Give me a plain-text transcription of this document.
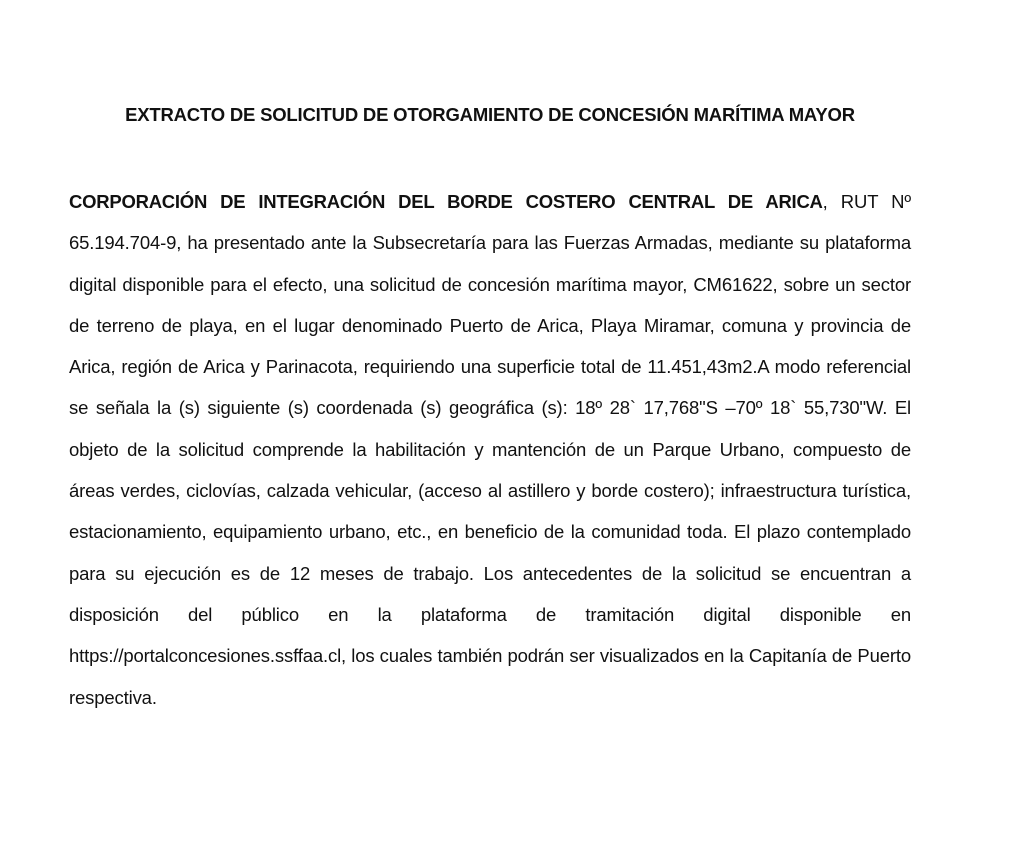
EXTRACTO DE SOLICITUD DE OTORGAMIENTO DE CONCESIÓN MARÍTIMA MAYOR

CORPORACIÓN DE INTEGRACIÓN DEL BORDE COSTERO CENTRAL DE ARICA, RUT Nº 65.194.704-9, ha presentado ante la Subsecretaría para las Fuerzas Armadas, mediante su plataforma digital disponible para el efecto, una solicitud de concesión marítima mayor, CM61622, sobre un sector de terreno de playa, en el lugar denominado Puerto de Arica, Playa Miramar, comuna y provincia de Arica, región de Arica y Parinacota, requiriendo una superficie total de 11.451,43m2.A modo referencial se señala la (s) siguiente (s) coordenada (s) geográfica (s): 18º 28` 17,768"S –70º 18` 55,730"W. El objeto de la solicitud comprende la habilitación y mantención de un Parque Urbano, compuesto de áreas verdes, ciclovías, calzada vehicular, (acceso al astillero y borde costero); infraestructura turística, estacionamiento, equipamiento urbano, etc., en beneficio de la comunidad toda. El plazo contemplado para su ejecución es de 12 meses de trabajo. Los antecedentes de la solicitud se encuentran a disposición del público en la plataforma de tramitación digital disponible en https://portalconcesiones.ssffaa.cl, los cuales también podrán ser visualizados en la Capitanía de Puerto respectiva.
